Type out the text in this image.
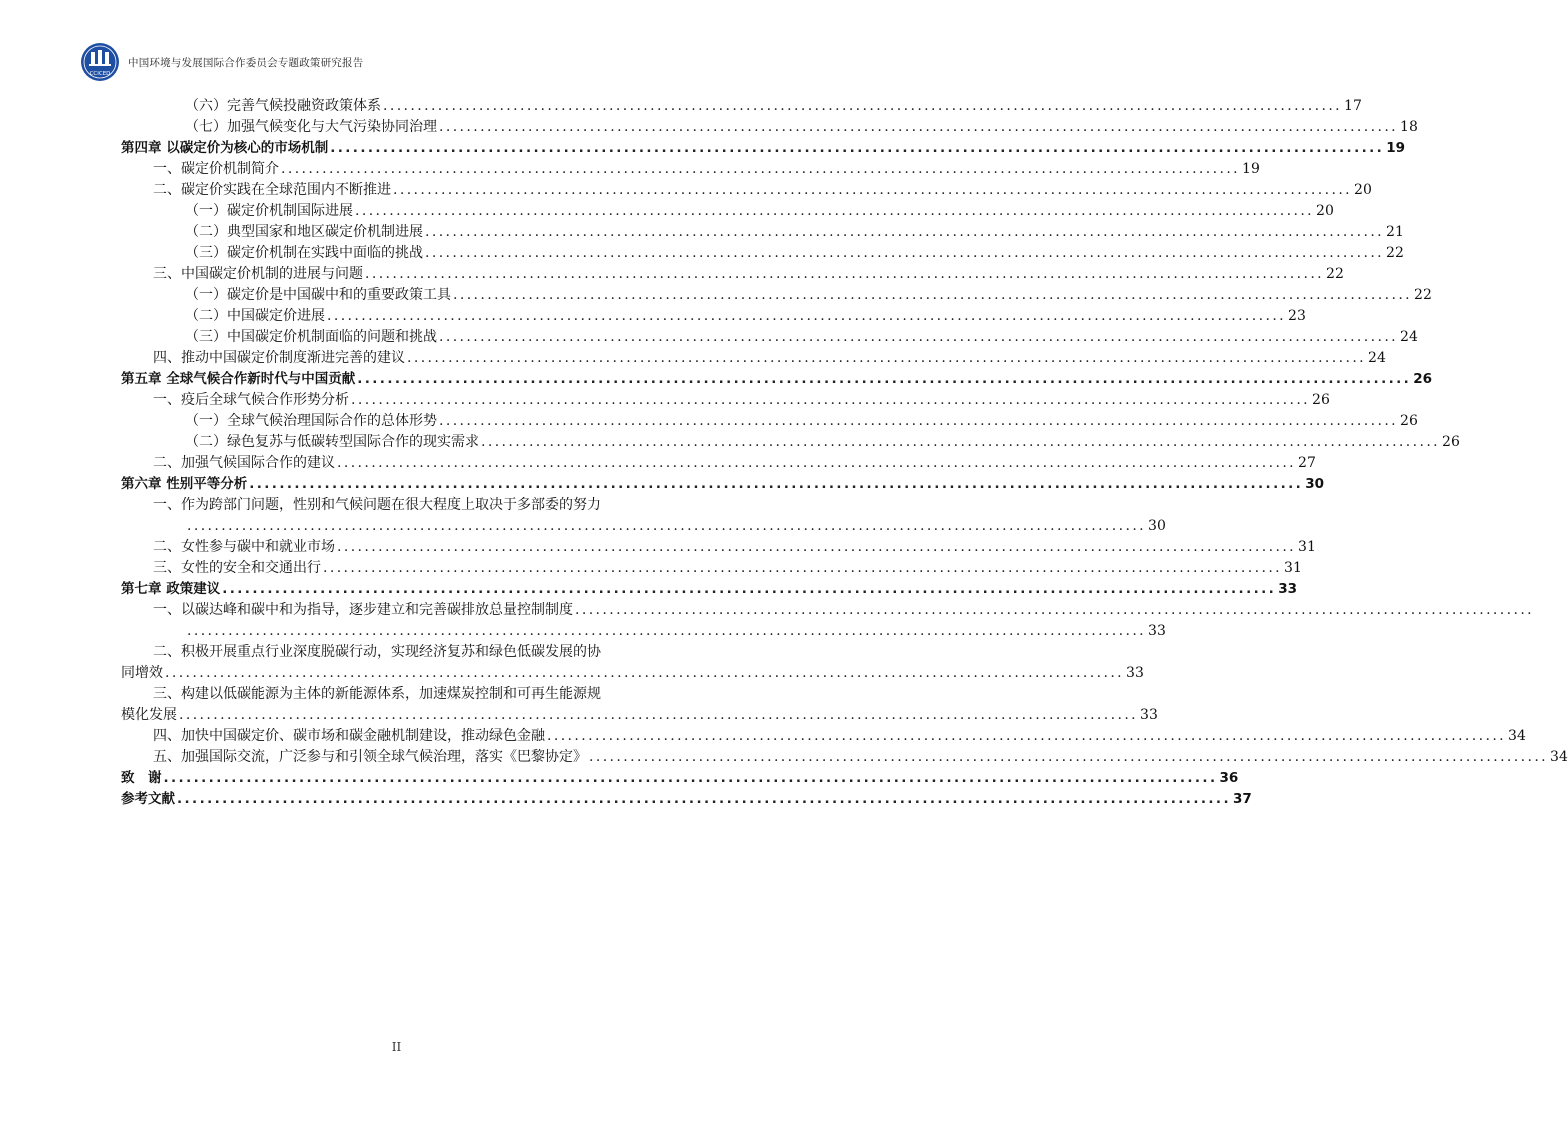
CCICED
中国环境与发展国际合作委员会专题政策研究报告
（六）完善气候投融资政策体系 ............................................................................................................................................ 17
（七）加强气候变化与大气污染协同治理 ............................................................................................................................................ 18
第四章 以碳定价为核心的市场机制 ............................................................................................................................................ 19
一、碳定价机制简介 ............................................................................................................................................ 19
二、碳定价实践在全球范围内不断推进 ............................................................................................................................................ 20
（一）碳定价机制国际进展 ............................................................................................................................................ 20
（二）典型国家和地区碳定价机制进展 ............................................................................................................................................ 21
（三）碳定价机制在实践中面临的挑战 ............................................................................................................................................ 22
三、中国碳定价机制的进展与问题 ............................................................................................................................................ 22
（一）碳定价是中国碳中和的重要政策工具 ............................................................................................................................................ 22
（二）中国碳定价进展 ............................................................................................................................................ 23
（三）中国碳定价机制面临的问题和挑战 ............................................................................................................................................ 24
四、推动中国碳定价制度渐进完善的建议 ............................................................................................................................................ 24
第五章 全球气候合作新时代与中国贡献 ............................................................................................................................................ 26
一、疫后全球气候合作形势分析 ............................................................................................................................................ 26
（一）全球气候治理国际合作的总体形势 ............................................................................................................................................ 26
（二）绿色复苏与低碳转型国际合作的现实需求 ............................................................................................................................................ 26
二、加强气候国际合作的建议 ............................................................................................................................................ 27
第六章 性别平等分析 ............................................................................................................................................ 30
一、作为跨部门问题，性别和气候问题在很大程度上取决于多部委的努力
............................................................................................................................................ 30
二、女性参与碳中和就业市场 ............................................................................................................................................ 31
三、女性的安全和交通出行 ............................................................................................................................................ 31
第七章 政策建议 ............................................................................................................................................ 33
一、以碳达峰和碳中和为指导，逐步建立和完善碳排放总量控制制度 ............................................................................................................................................
............................................................................................................................................ 33
二、积极开展重点行业深度脱碳行动，实现经济复苏和绿色低碳发展的协
同增效 ............................................................................................................................................ 33
三、构建以低碳能源为主体的新能源体系，加速煤炭控制和可再生能源规
模化发展 ............................................................................................................................................ 33
四、加快中国碳定价、碳市场和碳金融机制建设，推动绿色金融 ............................................................................................................................................ 34
五、加强国际交流，广泛参与和引领全球气候治理，落实《巴黎协定》 ............................................................................................................................................ 34
致　谢 ............................................................................................................................................ 36
参考文献 ............................................................................................................................................ 37
II
